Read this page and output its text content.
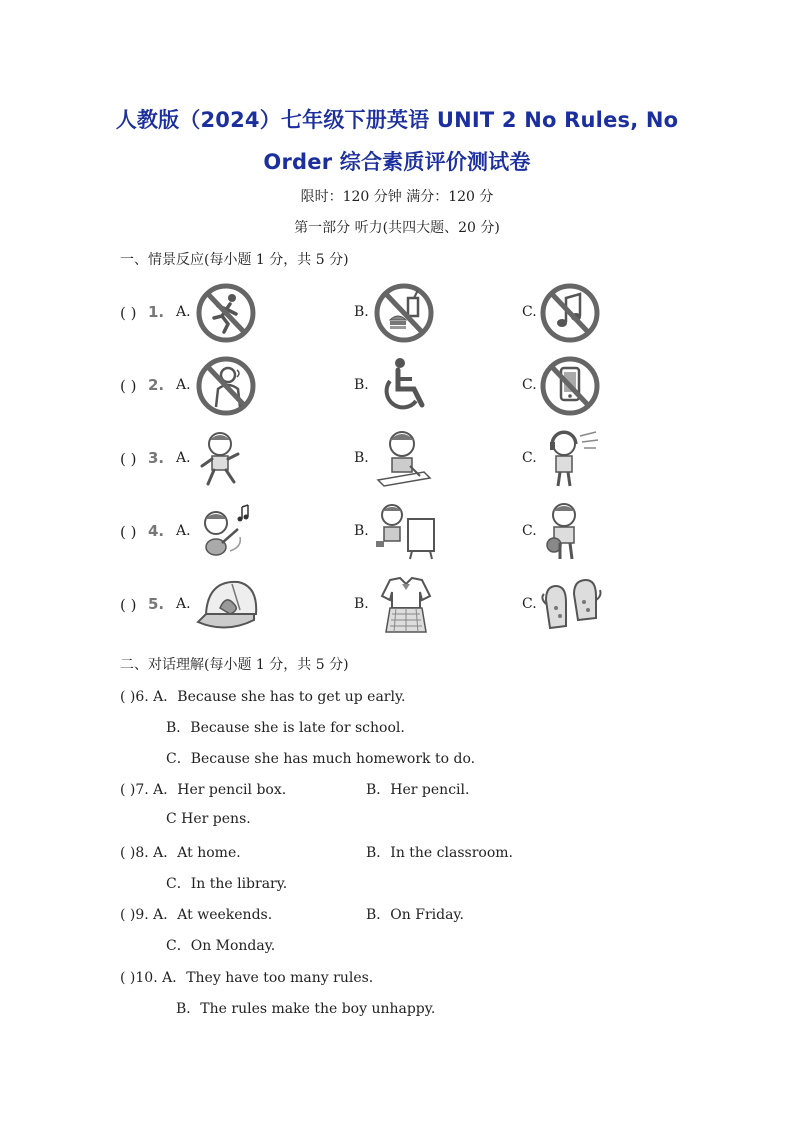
人教版（2024）七年级下册英语 UNIT 2 No Rules, No
Order 综合素质评价测试卷
限时：120 分钟 满分：120 分
第一部分 听力(共四大题、20 分)
一、情景反应(每小题 1 分，共 5 分)
( ) 1. A.	B.	C.
( ) 2. A.	B.	C.
( ) 3. A.	B.	C.
( ) 4. A.	B.	C.
( ) 5. A.	B.	C.
二、对话理解(每小题 1 分，共 5 分)
( )6. A．Because she has to get up early.
B．Because she is late for school.
C．Because she has much homework to do.
( )7. A．Her pencil box.	B．Her pencil.
C Her pens.
( )8. A．At home.	B．In the classroom.
C．In the library.
( )9. A．At weekends.	B．On Friday.
C．On Monday.
( )10. A．They have too many rules.
B．The rules make the boy unhappy.
